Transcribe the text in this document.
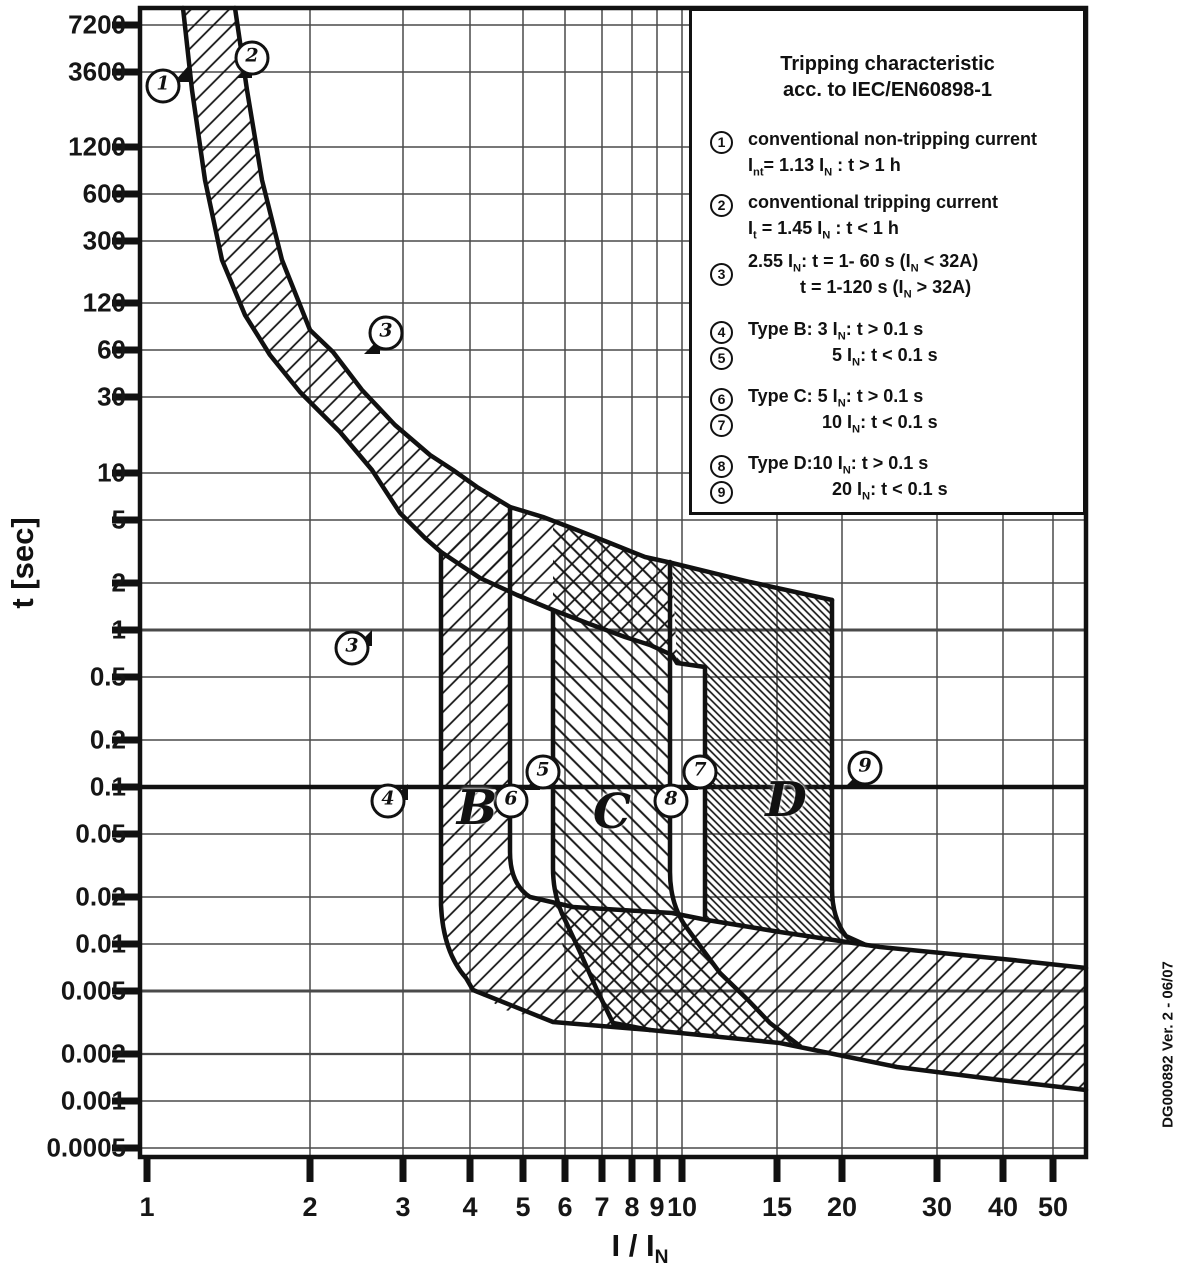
7200
3600
1200
600
300
120
60
30
10
5
2
1
0.5
0.2
0.1
0.05
0.02
0.01
0.005
0.002
0.001
0.0005
1	2	3	4	5 6 7 8 9 10	15	20	30	40 50
t [sec]
I / $I_N$
1
2
3
3
4
5
6
7
8
9
B C	D
Tripping characteristic
acc. to IEC/EN60898-1
1	conventional non-tripping current
$I_{nt}= 1.13$ $I_N$ : t > 1 h
2	conventional tripping current
$I_t = 1.45$ $I_N$ : t < 1 h
3
2.55 $I_N$: t = 1- 60 s $(I_N < 32A)$
t = 1-120 s $(I_N > 32A)$
4	Type B: 3 $I_N$: t > 0.1 s
5	5 $I_N$: t < 0.1 s
6	Type C: 5 $I_N$: t > 0.1 s
7	10 $I_N$: t < 0.1 s
8	Type D:10 $I_N$: t > 0.1 s
9	20 $I_N$: t < 0.1 s
DG000892 Ver. 2 - 06/07
